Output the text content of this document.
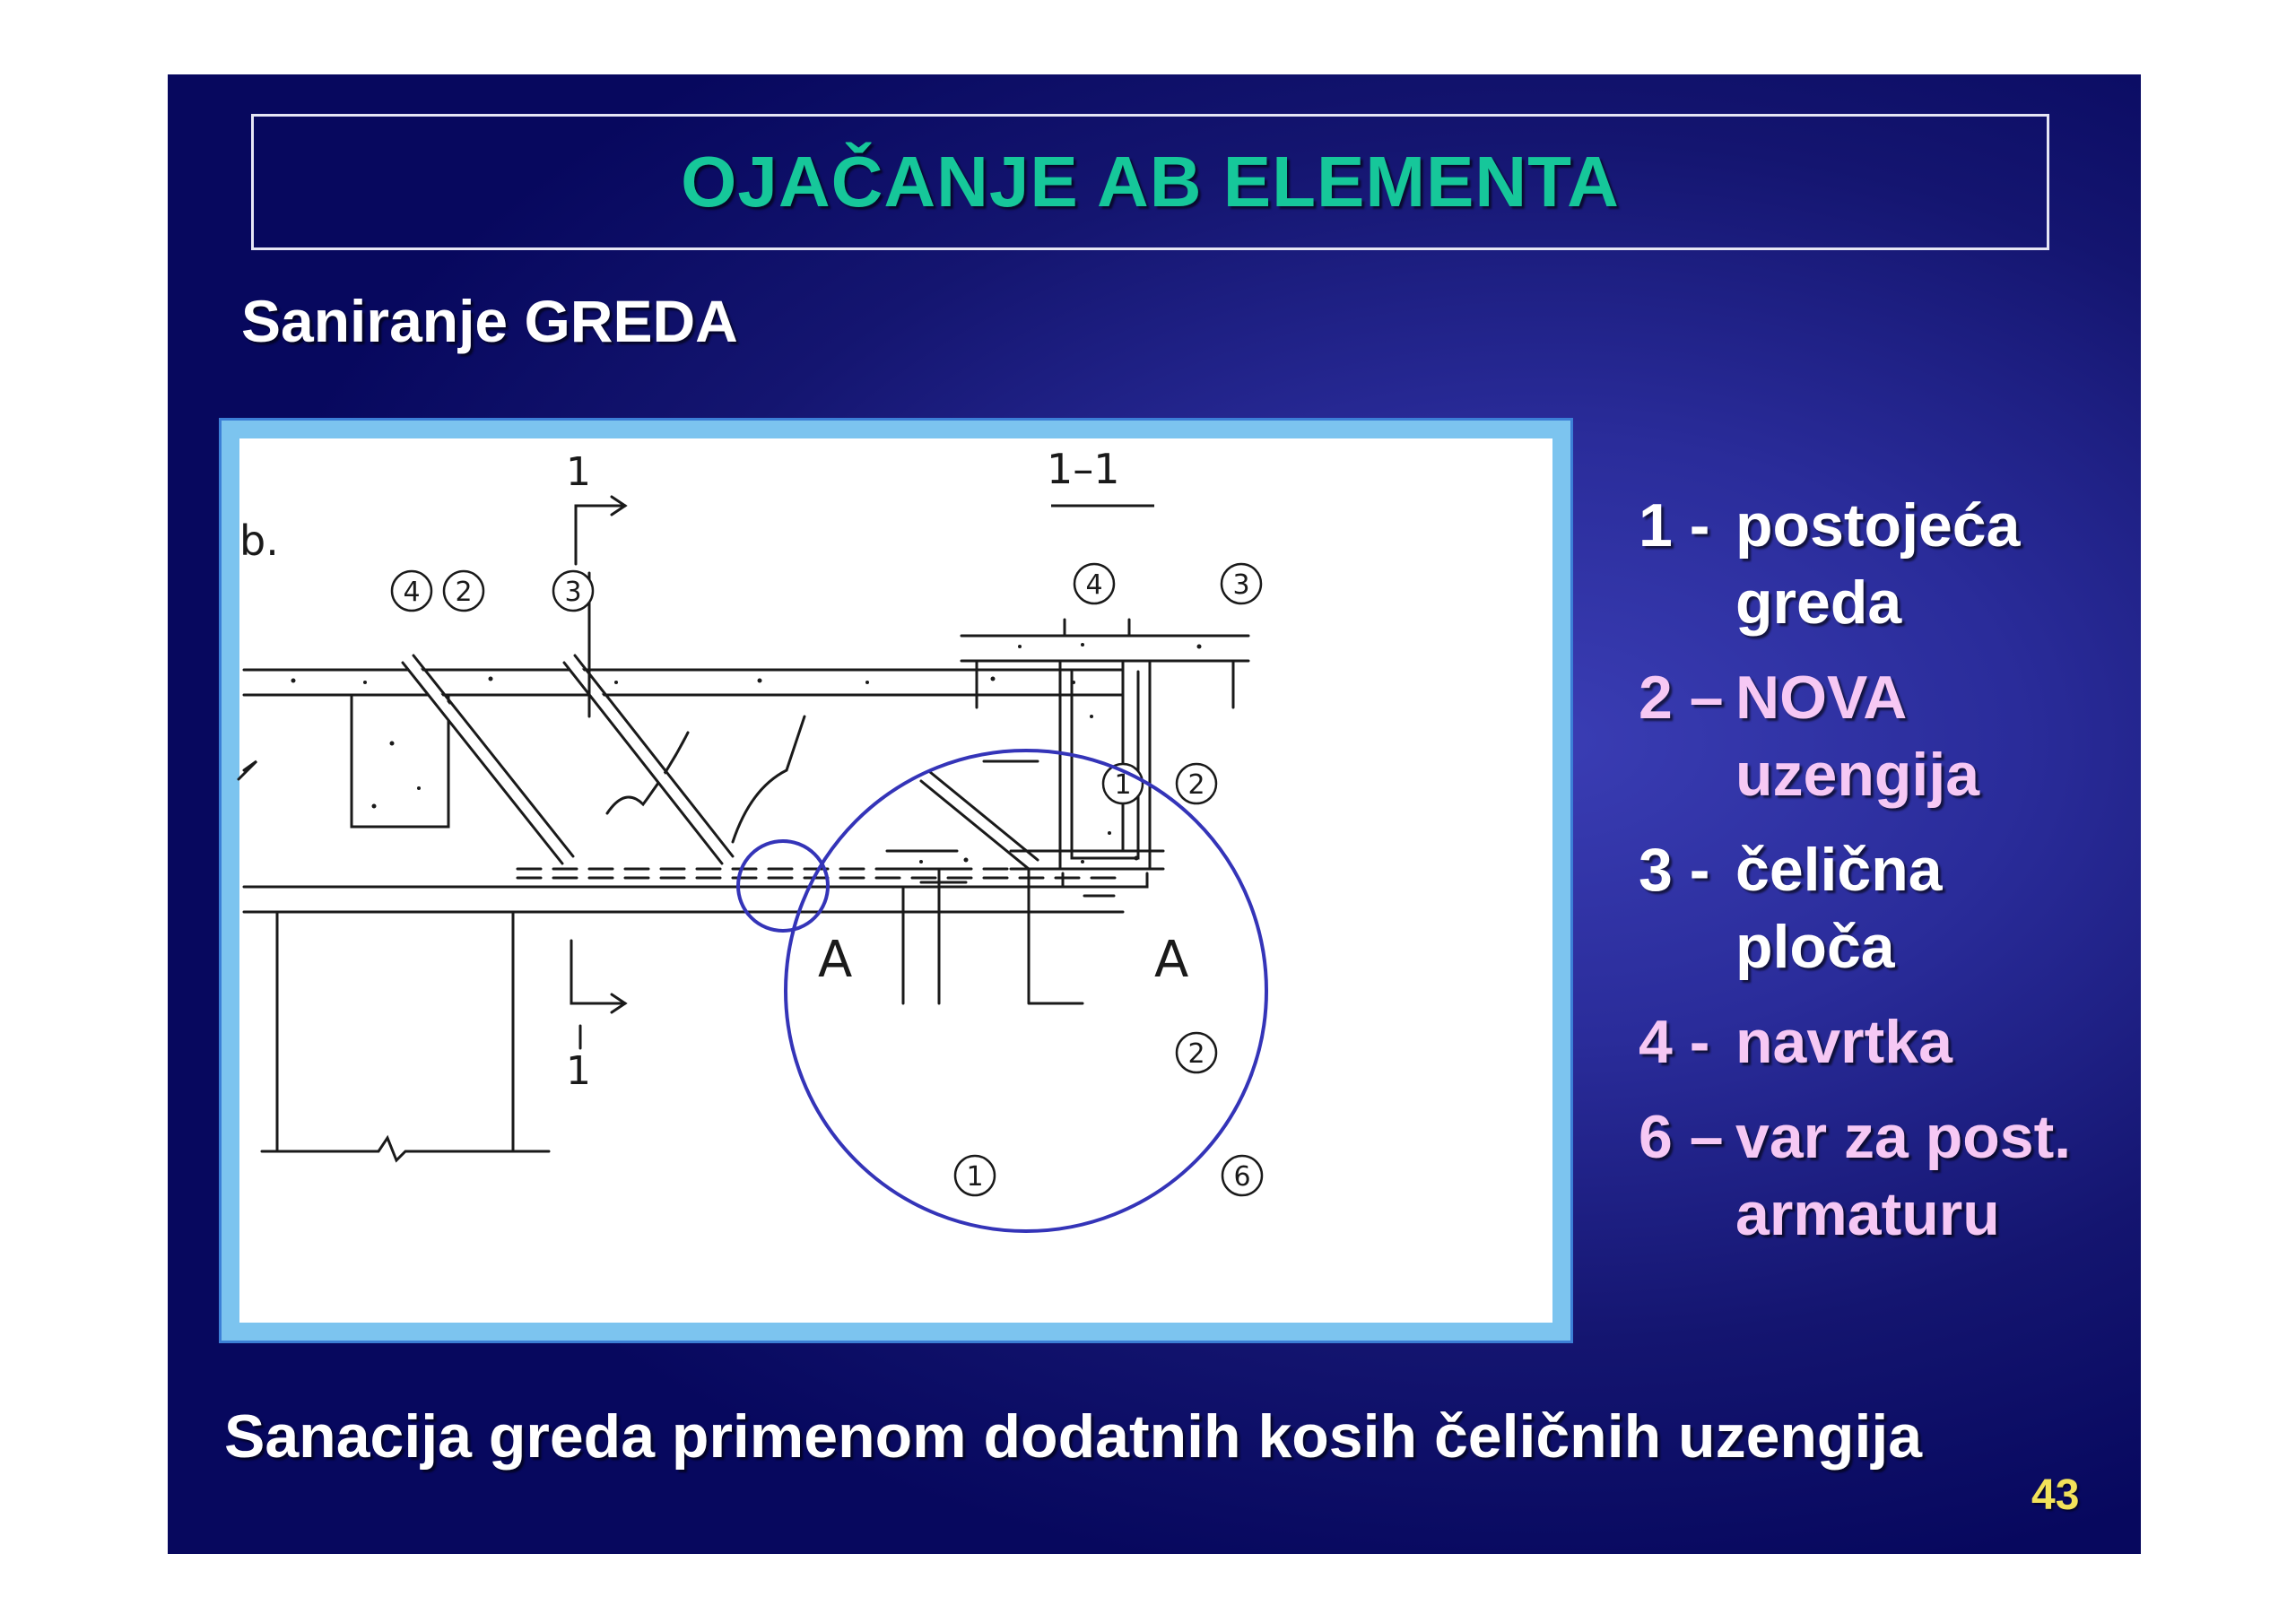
OJAČANJE AB ELEMENTA
Saniranje GREDA
b.
1–1
1
1
A	A
4 2	3	4	3
2
1
2
6
1
1 - postojeća
greda
2 – NOVA
uzengija
3 - čelična
ploča
4 - navrtka
6 – var za post.
armaturu
Sanacija greda primenom dodatnih kosih čeličnih uzengija
43
